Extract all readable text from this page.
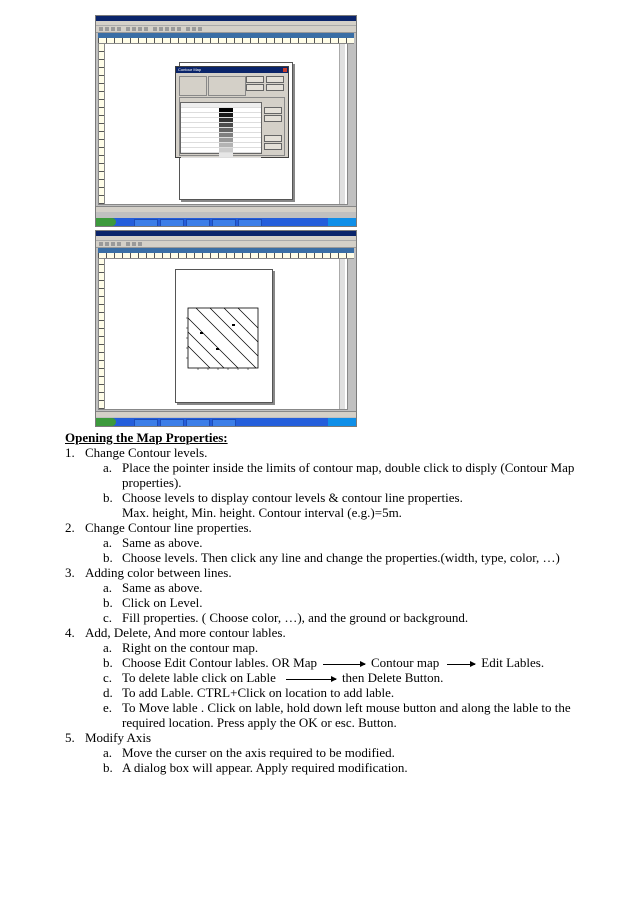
Contour Map
Opening the Map Properties:
1. Change Contour levels.
a. Place the pointer inside the limits of contour map, double click to disply (Contour Map
properties).
b. Choose levels to display contour levels & contour line properties.
Max. height, Min. height. Contour interval (e.g.)=5m.
2. Change Contour line properties.
a. Same as above.
b. Choose levels. Then click any line and change the properties.(width, type, color, …)
3. Adding color between lines.
a. Same as above.
b. Click on Level.
c. Fill properties. ( Choose color, …), and the ground or background.
4. Add, Delete, And more contour lables.
a. Right on the contour map.
b. Choose Edit Contour lables. OR Map	Contour map	Edit Lables.
c. To delete lable click on Lable	then Delete Button.
d. To add Lable. CTRL+Click on location to add lable.
e. To Move lable . Click on lable, hold down left mouse button and along the lable to the
required location. Press apply the OK or esc. Button.
5. Modify Axis
a. Move the curser on the axis required to be modified.
b. A dialog box will appear. Apply required modification.
